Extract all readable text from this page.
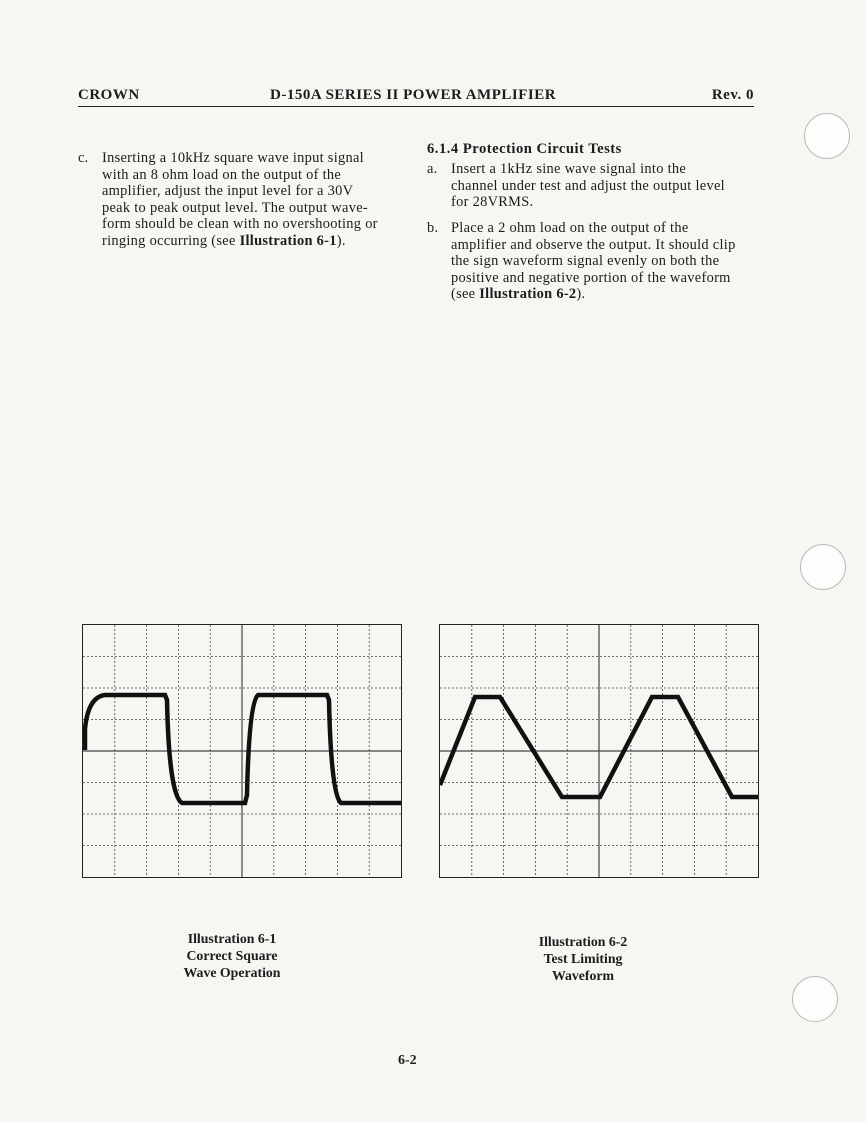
CROWN	D-150A SERIES II POWER AMPLIFIER	Rev. 0
c. Inserting a 10kHz square wave input signal
with an 8 ohm load on the output of the
amplifier, adjust the input level for a 30V
peak to peak output level. The output wave-
form should be clean with no overshooting or
ringing occurring (see Illustration 6-1).
6.1.4 Protection Circuit Tests
a. Insert a 1kHz sine wave signal into the
channel under test and adjust the output level
for 28VRMS.
b. Place a 2 ohm load on the output of the
amplifier and observe the output. It should clip
the sign waveform signal evenly on both the
positive and negative portion of the waveform
(see Illustration 6-2).
Illustration 6-1
Correct Square
Wave Operation
Illustration 6-2
Test Limiting
Waveform
6-2
